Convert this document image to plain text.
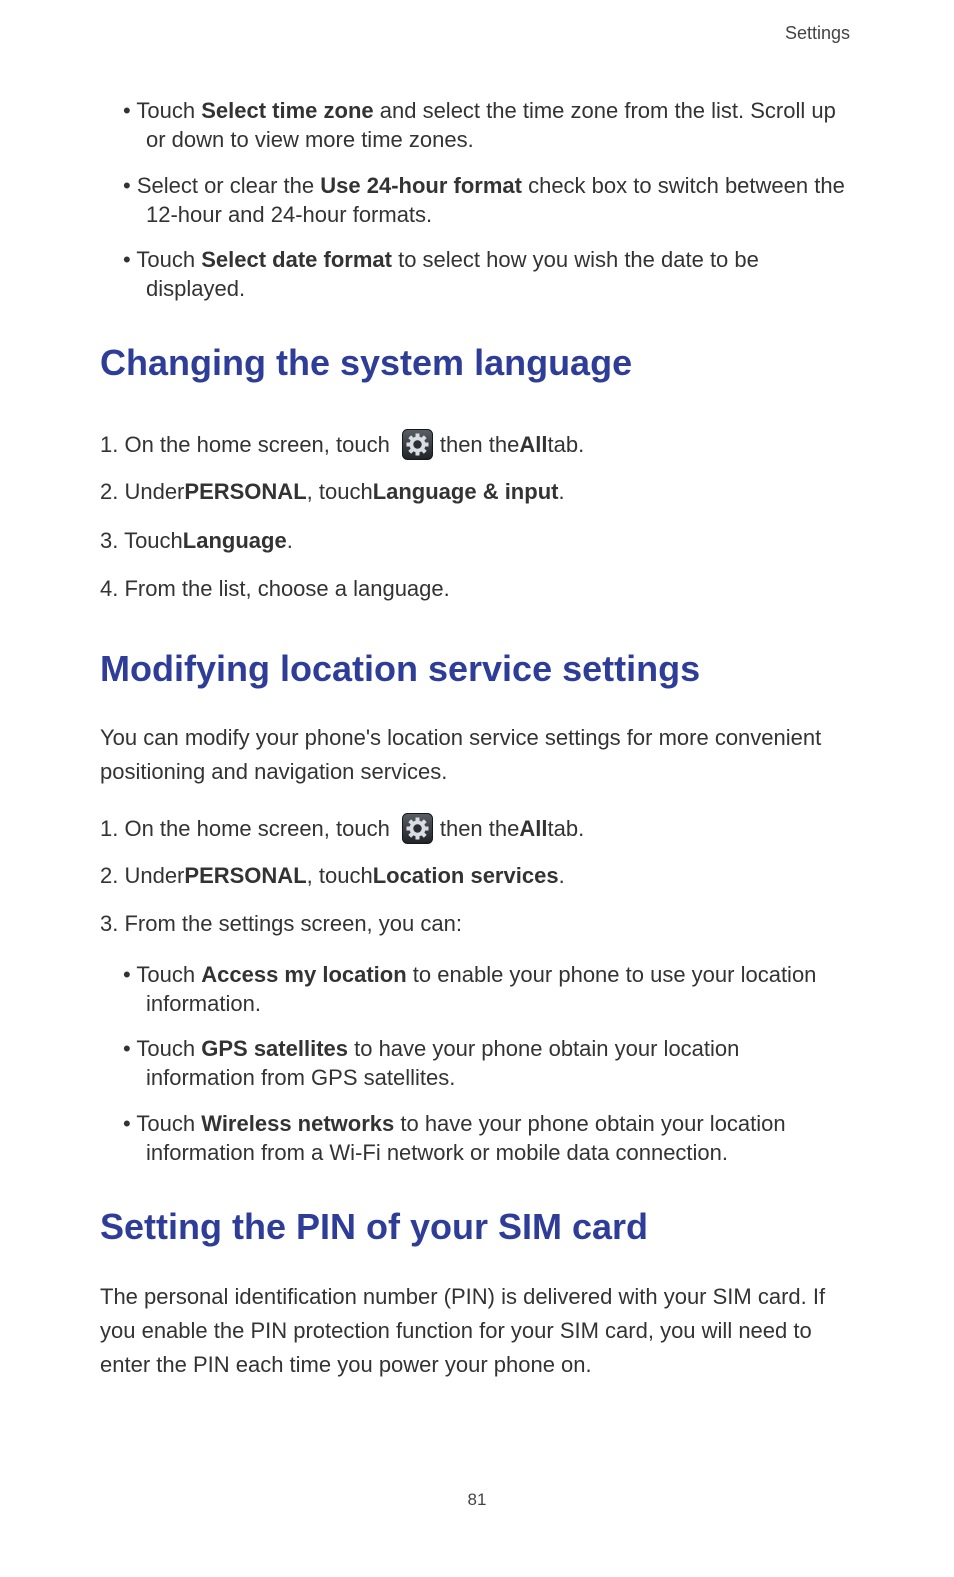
Settings
• Touch Select time zone and select the time zone from the list. Scroll up
or down to view more time zones.
• Select or clear the Use 24-hour format check box to switch between the
12-hour and 24-hour formats.
• Touch Select date format to select how you wish the date to be
displayed.
Changing the system language
1. On the home screen, touch then the All tab.
2. Under PERSONAL , touch Language & input .
3. Touch Language .
4. From the list, choose a language.
Modifying location service settings
You can modify your phone's location service settings for more convenient
positioning and navigation services.
1. On the home screen, touch then the All tab.
2. Under PERSONAL , touch Location services .
3. From the settings screen, you can:
• Touch Access my location to enable your phone to use your location
information.
• Touch GPS satellites to have your phone obtain your location
information from GPS satellites.
• Touch Wireless networks to have your phone obtain your location
information from a Wi-Fi network or mobile data connection.
Setting the PIN of your SIM card
The personal identification number (PIN) is delivered with your SIM card. If
you enable the PIN protection function for your SIM card, you will need to
enter the PIN each time you power your phone on.
81
